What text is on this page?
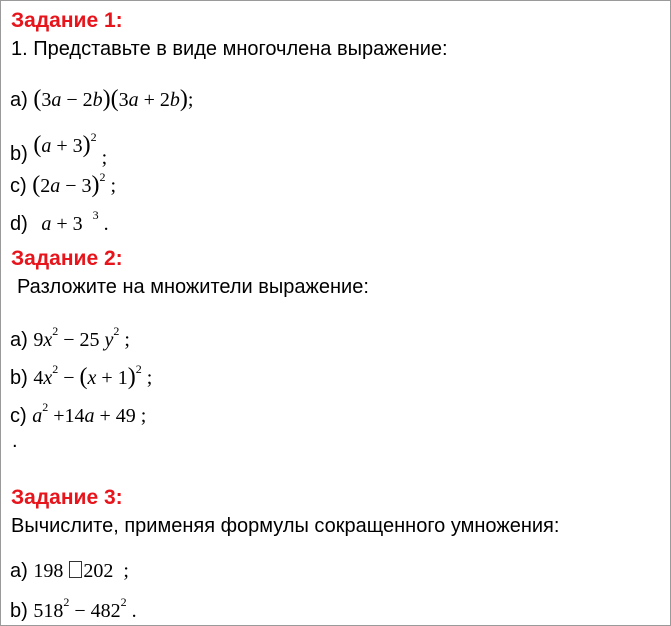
Задание 1:
1. Представьте в виде многочлена выражение:
a) (3a − 2b)(3a + 2b);
b) $(a + 3)^2$ ;
c) $(2a - 3)^2$ ;
d) a + 3  $^3$ .
Задание 2:
Разложите на множители выражение:
a) $9x^2 - 25$ $y^2$ ;
b) $4x^2 - (x + 1)^2$ ;
c) $a^2 +14a + 49$ ;
.
Задание 3:
Вычислите, применяя формулы сокращенного умножения:
a) 198 202  ;
b) $518^2 - 482^2$ .
